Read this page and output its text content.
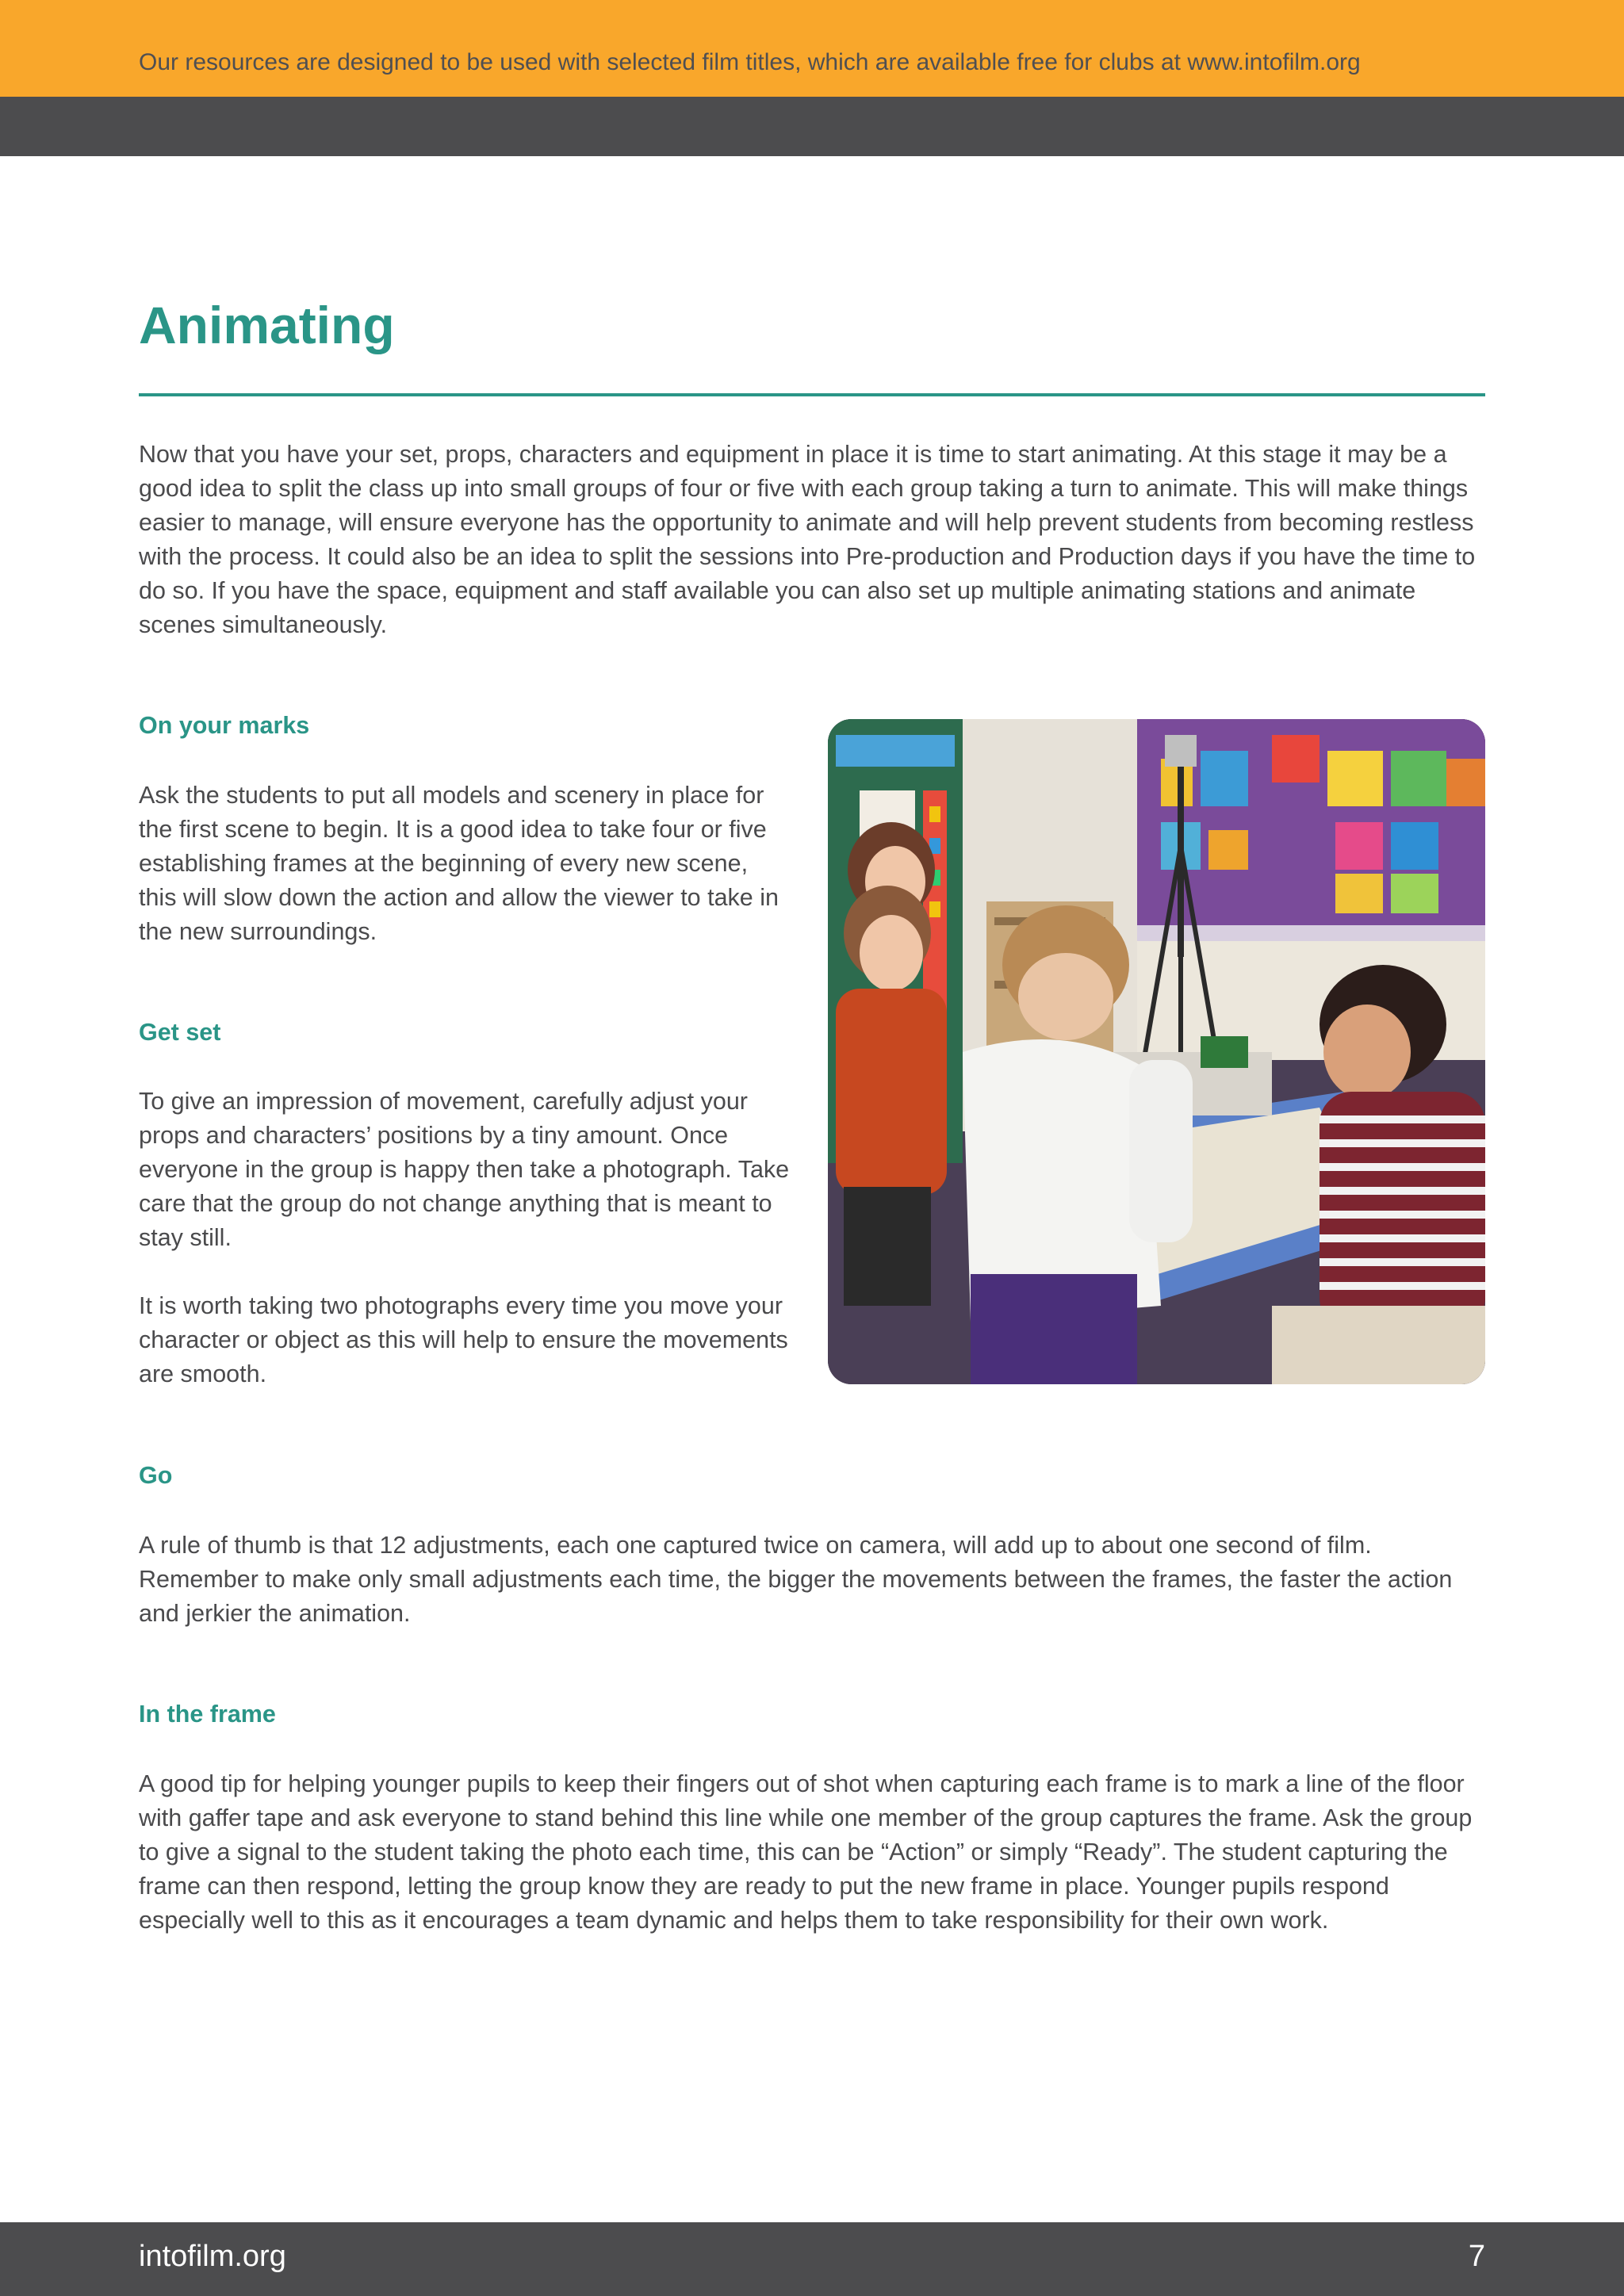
Our resources are designed to be used with selected film titles, which are available free for clubs at www.intofilm.org
Animating

Now that you have your set, props, characters and equipment in place it is time to start animating. At this stage it may be a good idea to split the class up into small groups of four or five with each group taking a turn to animate. This will make things easier to manage, will ensure everyone has the opportunity to animate and will help prevent students from becoming restless with the process. It could also be an idea to split the sessions into Pre-production and Production days if you have the time to do so. If you have the space, equipment and staff available you can also set up multiple animating stations and animate scenes simultaneously.

On your marks

Ask the students to put all models and scenery in place for the first scene to begin. It is a good idea to take four or five establishing frames at the beginning of every new scene, this will slow down the action and allow the viewer to take in the new surroundings.

Get set

To give an impression of movement, carefully adjust your props and characters’ positions by a tiny amount. Once everyone in the group is happy then take a photograph. Take care that the group do not change anything that is meant to stay still.

It is worth taking two photographs every time you move your character or object as this will help to ensure the movements are smooth.

Go

A rule of thumb is that 12 adjustments, each one captured twice on camera, will add up to about one second of film. Remember to make only small adjustments each time, the bigger the movements between the frames, the faster the action and jerkier the animation.

In the frame

A good tip for helping younger pupils to keep their fingers out of shot when capturing each frame is to mark a line of the floor with gaffer tape and ask everyone to stand behind this line while one member of the group captures the frame. Ask the group to give a signal to the student taking the photo each time, this can be “Action” or simply “Ready”. The student capturing the frame can then respond, letting the group know they are ready to put the new frame in place. Younger pupils respond especially well to this as it encourages a team dynamic and helps them to take responsibility for their own work.

intofilm.org	7
